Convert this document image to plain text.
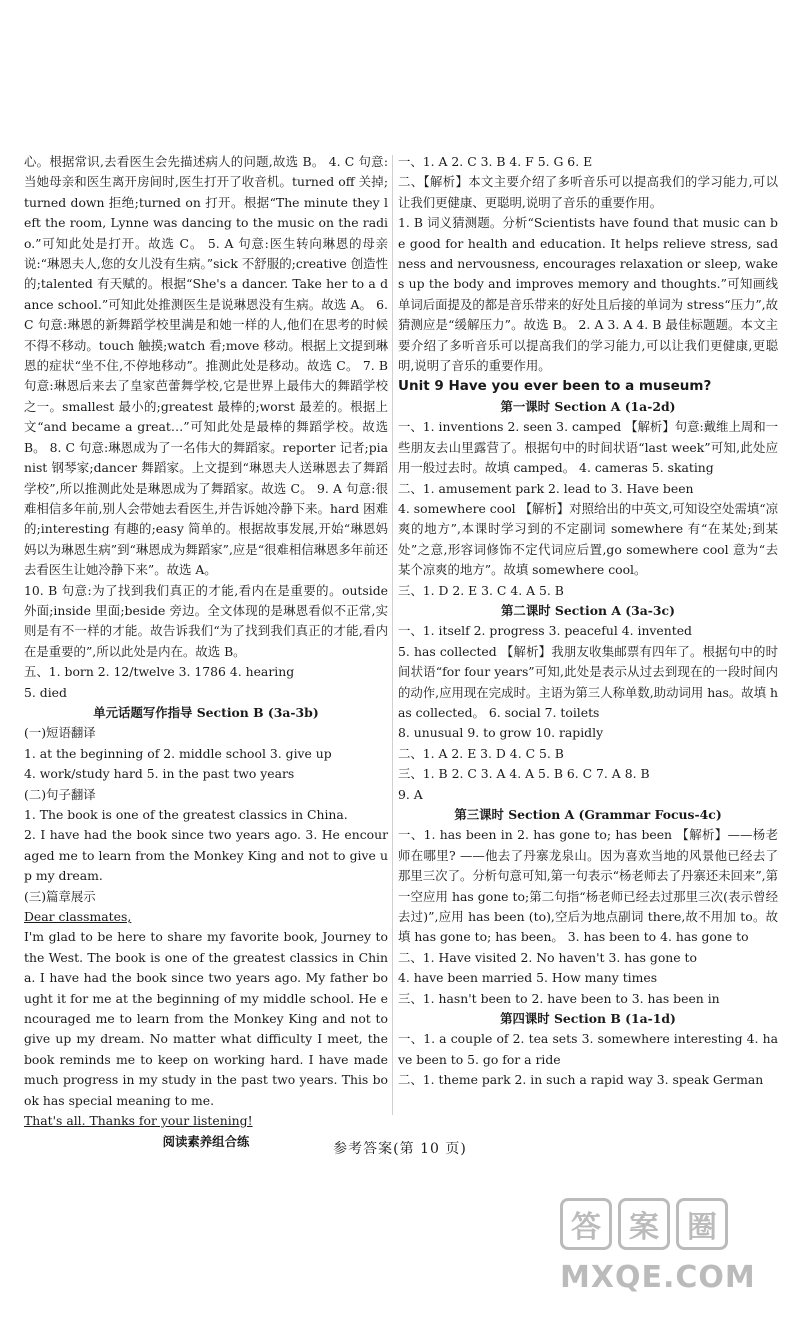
心。根据常识,去看医生会先描述病人的问题,故选 B。 4. C 句意:当她母亲和医生离开房间时,医生打开了收音机。turned off 关掉;turned down 拒绝;turned on 打开。根据“The minute they left the room, Lynne was dancing to the music on the radio.”可知此处是打开。故选 C。 5. A 句意:医生转向琳恩的母亲说:“琳恩夫人,您的女儿没有生病。”sick 不舒服的;creative 创造性的;talented 有天赋的。根据“She's a dancer. Take her to a dance school.”可知此处推测医生是说琳恩没有生病。故选 A。 6. C 句意:琳恩的新舞蹈学校里满是和她一样的人,他们在思考的时候不得不移动。touch 触摸;watch 看;move 移动。根据上文提到琳恩的症状“坐不住,不停地移动”。推测此处是移动。故选 C。 7. B 句意:琳恩后来去了皇家芭蕾舞学校,它是世界上最伟大的舞蹈学校之一。smallest 最小的;greatest 最棒的;worst 最差的。根据上文“and became a great…”可知此处是最棒的舞蹈学校。故选 B。 8. C 句意:琳恩成为了一名伟大的舞蹈家。reporter 记者;pianist 钢琴家;dancer 舞蹈家。上文提到“琳恩夫人送琳恩去了舞蹈学校”,所以推测此处是琳恩成为了舞蹈家。故选 C。 9. A 句意:很难相信多年前,别人会带她去看医生,并告诉她冷静下来。hard 困难的;interesting 有趣的;easy 简单的。根据故事发展,开始“琳恩妈妈以为琳恩生病”到“琳恩成为舞蹈家”,应是“很难相信琳恩多年前还去看医生让她冷静下来”。故选 A。

10. B 句意:为了找到我们真正的才能,看内在是重要的。outside 外面;inside 里面;beside 旁边。全文体现的是琳恩看似不正常,实则是有不一样的才能。故告诉我们“为了找到我们真正的才能,看内在是重要的”,所以此处是内在。故选 B。

五、1. born 2. 12/twelve 3. 1786 4. hearing

5. died

单元话题写作指导 Section B (3a-3b)

(一)短语翻译

1. at the beginning of 2. middle school 3. give up

4. work/study hard 5. in the past two years

(二)句子翻译

1. The book is one of the greatest classics in China.

2. I have had the book since two years ago. 3. He encouraged me to learn from the Monkey King and not to give up my dream.

(三)篇章展示

Dear classmates,

I'm glad to be here to share my favorite book, Journey to the West. The book is one of the greatest classics in China. I have had the book since two years ago. My father bought it for me at the beginning of my middle school. He encouraged me to learn from the Monkey King and not to give up my dream. No matter what difficulty I meet, the book reminds me to keep on working hard. I have made much progress in my study in the past two years. This book has special meaning to me.

That's all. Thanks for your listening!

阅读素养组合练

一、1. A 2. C 3. B 4. F 5. G 6. E

二、【解析】本文主要介绍了多听音乐可以提高我们的学习能力,可以让我们更健康、更聪明,说明了音乐的重要作用。

1. B 词义猜测题。分析“Scientists have found that music can be good for health and education. It helps relieve stress, sadness and nervousness, encourages relaxation or sleep, wakes up the body and improves memory and thoughts.”可知画线单词后面提及的都是音乐带来的好处且后接的单词为 stress“压力”,故猜测应是“缓解压力”。故选 B。 2. A 3. A 4. B 最佳标题题。本文主要介绍了多听音乐可以提高我们的学习能力,可以让我们更健康,更聪明,说明了音乐的重要作用。

Unit 9 Have you ever been to a museum?

第一课时 Section A (1a-2d)

一、1. inventions 2. seen 3. camped 【解析】句意:戴维上周和一些朋友去山里露营了。根据句中的时间状语“last week”可知,此处应用一般过去时。故填 camped。 4. cameras 5. skating

二、1. amusement park 2. lead to 3. Have been

4. somewhere cool 【解析】对照给出的中英文,可知设空处需填“凉爽的地方”,本课时学习到的不定副词 somewhere 有“在某处;到某处”之意,形容词修饰不定代词应后置,go somewhere cool 意为“去某个凉爽的地方”。故填 somewhere cool。

三、1. D 2. E 3. C 4. A 5. B

第二课时 Section A (3a-3c)

一、1. itself 2. progress 3. peaceful 4. invented

5. has collected 【解析】我朋友收集邮票有四年了。根据句中的时间状语“for four years”可知,此处是表示从过去到现在的一段时间内的动作,应用现在完成时。主语为第三人称单数,助动词用 has。故填 has collected。 6. social 7. toilets

8. unusual 9. to grow 10. rapidly

二、1. A 2. E 3. D 4. C 5. B

三、1. B 2. C 3. A 4. A 5. B 6. C 7. A 8. B

9. A

第三课时 Section A (Grammar Focus-4c)

一、1. has been in 2. has gone to; has been 【解析】——杨老师在哪里? ——他去了丹寨龙泉山。因为喜欢当地的风景他已经去了那里三次了。分析句意可知,第一句表示“杨老师去了丹寨还未回来”,第一空应用 has gone to;第二句指“杨老师已经去过那里三次(表示曾经去过)”,应用 has been (to),空后为地点副词 there,故不用加 to。故填 has gone to; has been。 3. has been to 4. has gone to

二、1. Have visited 2. No haven't 3. has gone to

4. have been married 5. How many times

三、1. hasn't been to 2. have been to 3. has been in

第四课时 Section B (1a-1d)

一、1. a couple of 2. tea sets 3. somewhere interesting 4. have been to 5. go for a ride

二、1. theme park 2. in such a rapid way 3. speak German

参考答案(第 10 页)
答 案 圈
MXQE.COM
